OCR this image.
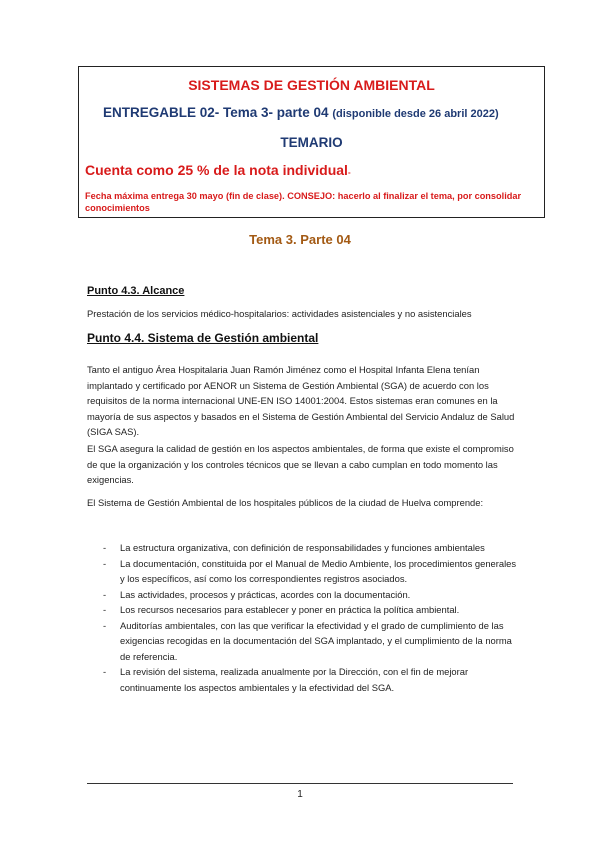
SISTEMAS DE GESTIÓN AMBIENTAL
ENTREGABLE 02- Tema 3- parte 04 (disponible desde 26 abril 2022)
TEMARIO
Cuenta como 25 % de la nota individual-
Fecha máxima entrega 30 mayo (fin de clase). CONSEJO: hacerlo al finalizar el tema, por consolidar conocimientos
Tema 3. Parte 04
Punto 4.3. Alcance
Prestación de los servicios médico-hospitalarios: actividades asistenciales y no asistenciales
Punto 4.4. Sistema de Gestión ambiental
Tanto el antiguo Área Hospitalaria Juan Ramón Jiménez como el Hospital Infanta Elena tenían implantado y certificado por AENOR un Sistema de Gestión Ambiental (SGA) de acuerdo con los requisitos de la norma internacional UNE-EN ISO 14001:2004. Estos sistemas eran comunes en la mayoría de sus aspectos y basados en el Sistema de Gestión Ambiental del Servicio Andaluz de Salud (SIGA SAS).
El SGA asegura la calidad de gestión en los aspectos ambientales, de forma que existe el compromiso de que la organización y los controles técnicos que se llevan a cabo cumplan en todo momento las exigencias.
El Sistema de Gestión Ambiental de los hospitales públicos de la ciudad de Huelva comprende:
- La estructura organizativa, con definición de responsabilidades y funciones ambientales
- La documentación, constituida por el Manual de Medio Ambiente, los procedimientos generales y los específicos, así como los correspondientes registros asociados.
- Las actividades, procesos y prácticas, acordes con la documentación.
- Los recursos necesarios para establecer y poner en práctica la política ambiental.
- Auditorías ambientales, con las que verificar la efectividad y el grado de cumplimiento de las exigencias recogidas en la documentación del SGA implantado, y el cumplimiento de la norma de referencia.
- La revisión del sistema, realizada anualmente por la Dirección, con el fin de mejorar continuamente los aspectos ambientales y la efectividad del SGA.
1
